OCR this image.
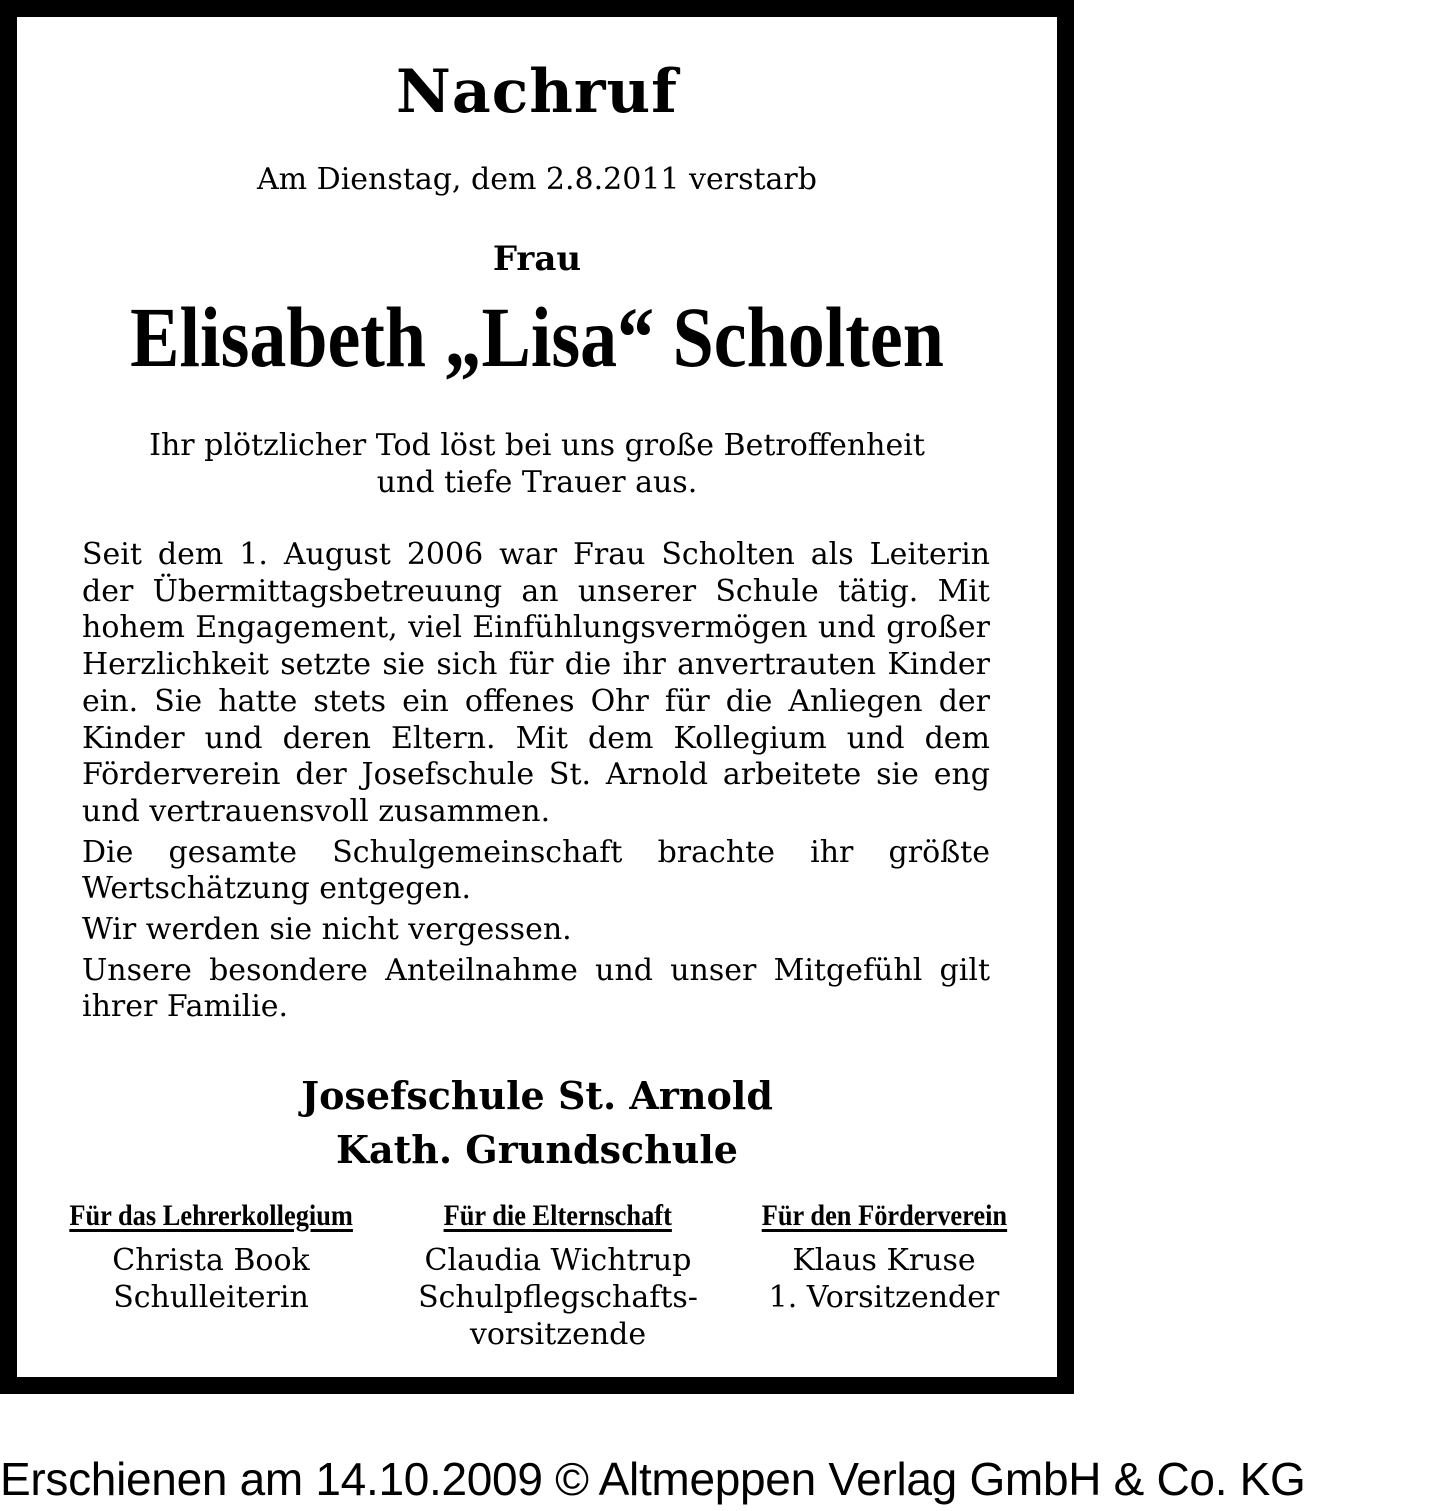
Nachruf
Am Dienstag, dem 2.8.2011 verstarb
Frau
Elisabeth „Lisa“ Scholten
Ihr plötzlicher Tod löst bei uns große Betroffenheit
und tiefe Trauer aus.

Seit dem 1. August 2006 war Frau Scholten als Leiterin der Übermittagsbetreuung an unserer Schule tätig. Mit hohem Engagement, viel Einfühlungsvermögen und großer Herzlichkeit setzte sie sich für die ihr anvertrauten Kinder ein. Sie hatte stets ein offenes Ohr für die Anliegen der Kinder und deren Eltern. Mit dem Kollegium und dem Förderverein der Josefschule St. Arnold arbeitete sie eng und vertrauensvoll zusammen.

Die gesamte Schulgemeinschaft brachte ihr größte Wertschätzung entgegen.

Wir werden sie nicht vergessen.

Unsere besondere Anteilnahme und unser Mitgefühl gilt ihrer Familie.

Josefschule St. Arnold
Kath. Grundschule
Für das Lehrerkollegium
Christa Book
Schulleiterin
Für die Elternschaft
Claudia Wichtrup
Schulpflegschafts-
vorsitzende
Für den Förderverein
Klaus Kruse
1. Vorsitzender
Erschienen am 14.10.2009 © Altmeppen Verlag GmbH & Co. KG
